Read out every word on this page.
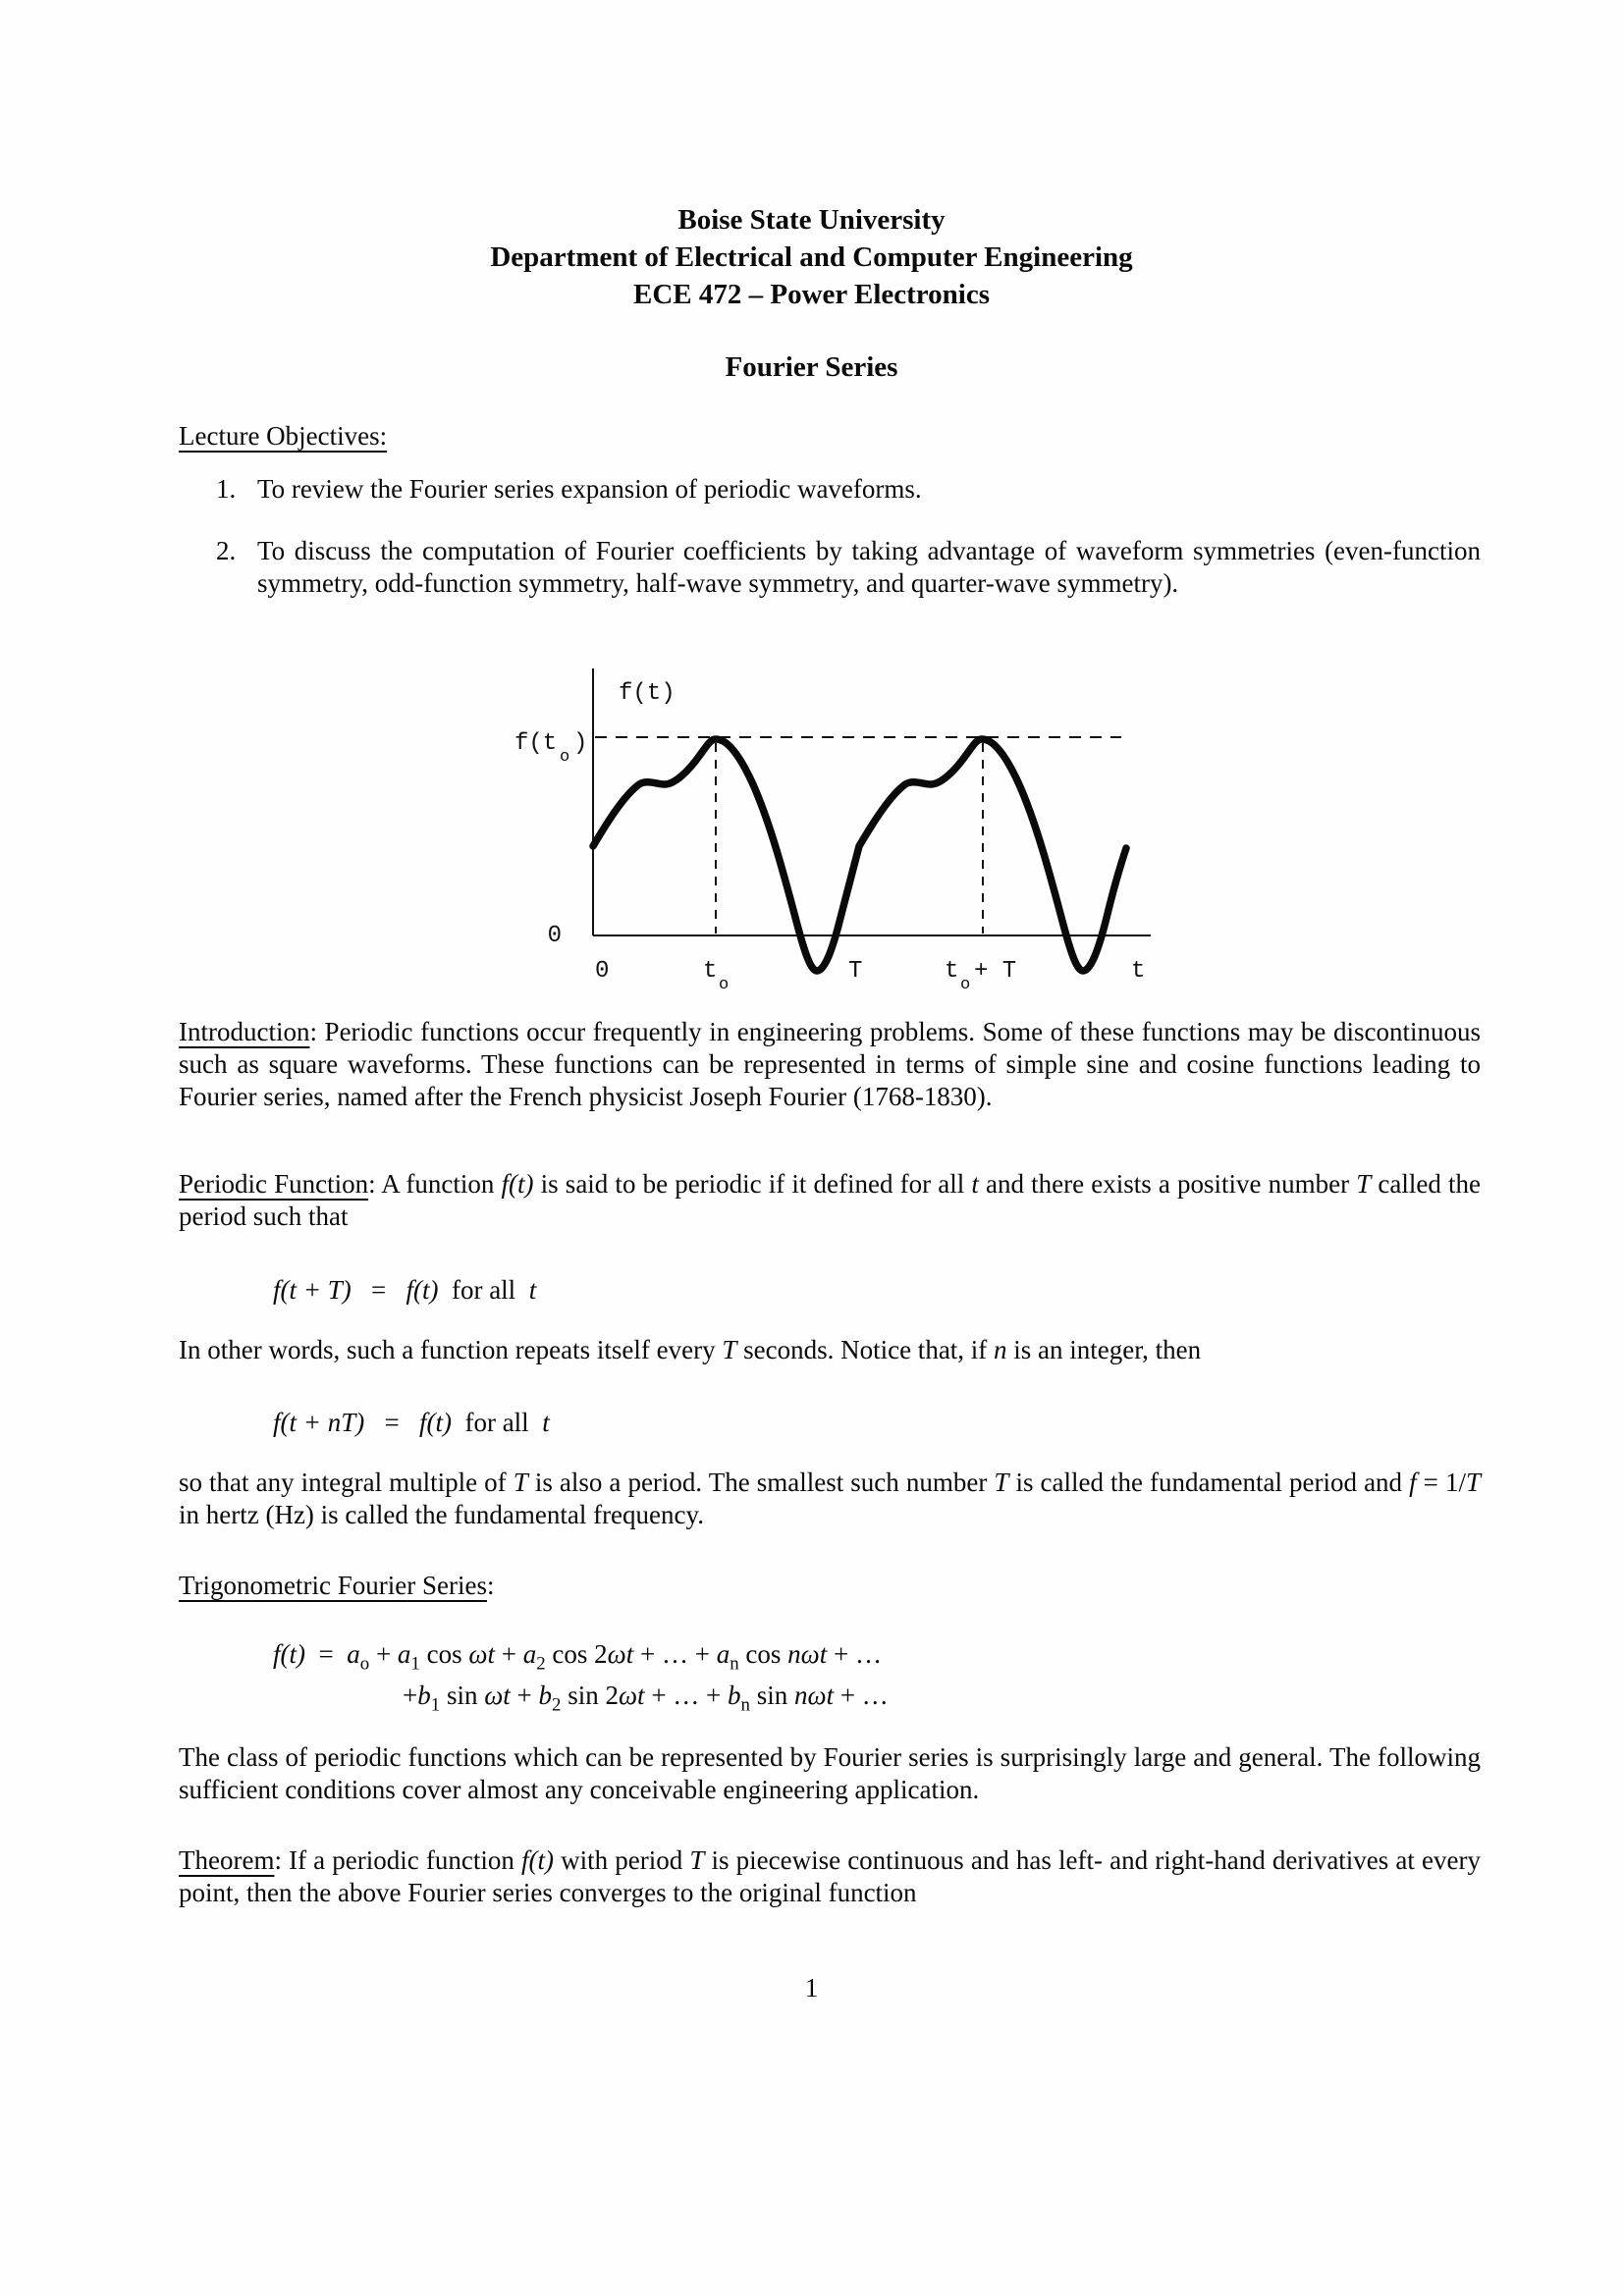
Boise State University
Department of Electrical and Computer Engineering
ECE 472 – Power Electronics
Fourier Series
Lecture Objectives:
1. To review the Fourier series expansion of periodic waveforms.
2. To discuss the computation of Fourier coefficients by taking advantage of waveform symmetries (even-function symmetry, odd-function symmetry, half-wave symmetry, and quarter-wave symmetry).
f(t)
f(t
o
)
0
0	t
o
T	t
o
+ T	t

Introduction: Periodic functions occur frequently in engineering problems. Some of these functions may be discontinuous such as square waveforms. These functions can be represented in terms of simple sine and cosine functions leading to Fourier series, named after the French physicist Joseph Fourier (1768-1830).

Periodic Function: A function f(t) is said to be periodic if it defined for all t and there exists a positive number T called the period such that

f(t + T)   =   f(t)  for all  t

In other words, such a function repeats itself every T seconds. Notice that, if n is an integer, then

f(t + nT)   =   f(t)  for all  t

so that any integral multiple of T is also a period. The smallest such number T is called the fundamental period and f = 1/T in hertz (Hz) is called the fundamental frequency.

Trigonometric Fourier Series:

$f(t) = a_o + a_1$ $\cos \omega t + a_2$ cos 2ωt + … + $a_n$ cos nωt + …

$+b_1$ $\sin \omega t + b_2$ sin 2ωt + … + $b_n$ sin nωt + …

The class of periodic functions which can be represented by Fourier series is surprisingly large and general. The following sufficient conditions cover almost any conceivable engineering application.

Theorem: If a periodic function f(t) with period T is piecewise continuous and has left- and right-hand derivatives at every point, then the above Fourier series converges to the original function

1
